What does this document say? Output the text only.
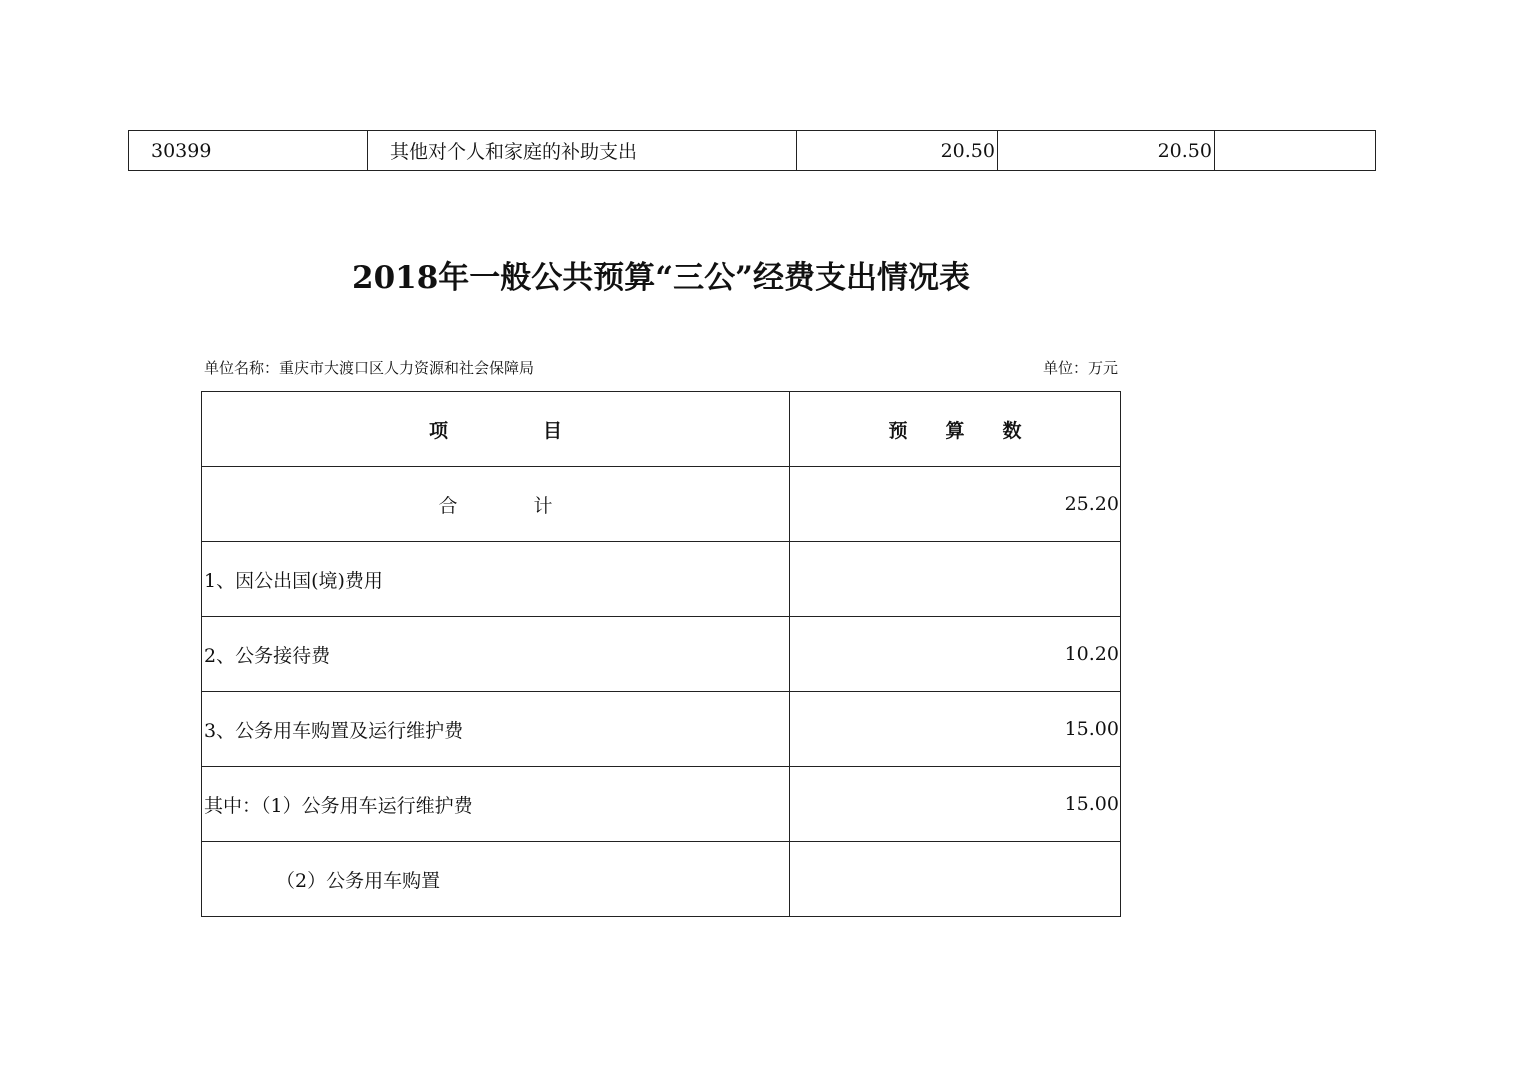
30399	其他对个人和家庭的补助支出	20.50	20.50	
2018年一般公共预算“三公”经费支出情况表
单位名称：重庆市大渡口区人力资源和社会保障局	单位：万元
项　　　　　目	预　　算　　数
合　　　　计	25.20
1、因公出国(境)费用	
2、公务接待费	10.20
3、公务用车购置及运行维护费	15.00
其中：（1）公务用车运行维护费	15.00
（2）公务用车购置	
